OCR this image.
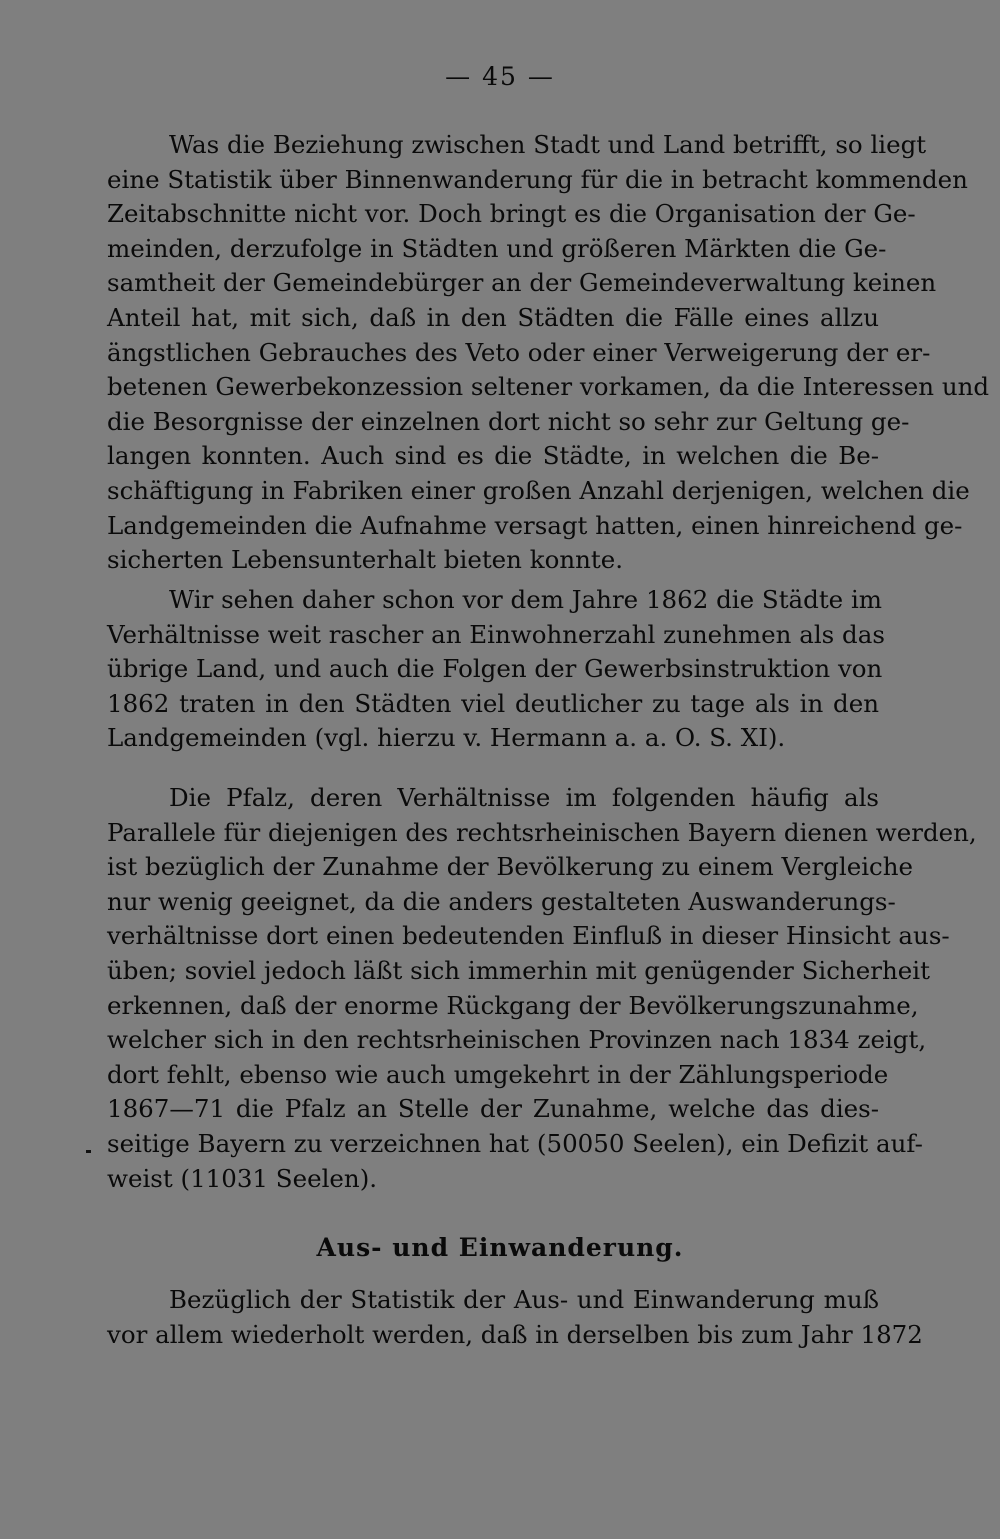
— 45 —
Was die Beziehung zwischen Stadt und Land betrifft, so liegt
eine Statistik über Binnenwanderung für die in betracht kommenden
Zeitabschnitte nicht vor. Doch bringt es die Organisation der Ge-
meinden, derzufolge in Städten und größeren Märkten die Ge-
samtheit der Gemeindebürger an der Gemeindeverwaltung keinen
Anteil hat, mit sich, daß in den Städten die Fälle eines allzu
ängstlichen Gebrauches des Veto oder einer Verweigerung der er-
betenen Gewerbekonzession seltener vorkamen, da die Interessen und
die Besorgnisse der einzelnen dort nicht so sehr zur Geltung ge-
langen konnten. Auch sind es die Städte, in welchen die Be-
schäftigung in Fabriken einer großen Anzahl derjenigen, welchen die
Landgemeinden die Aufnahme versagt hatten, einen hinreichend ge-
sicherten Lebensunterhalt bieten konnte.
Wir sehen daher schon vor dem Jahre 1862 die Städte im
Verhältnisse weit rascher an Einwohnerzahl zunehmen als das
übrige Land, und auch die Folgen der Gewerbsinstruktion von
1862 traten in den Städten viel deutlicher zu tage als in den
Landgemeinden (vgl. hierzu v. Hermann a. a. O. S. XI).
Die Pfalz, deren Verhältnisse im folgenden häufig als
Parallele für diejenigen des rechtsrheinischen Bayern dienen werden,
ist bezüglich der Zunahme der Bevölkerung zu einem Vergleiche
nur wenig geeignet, da die anders gestalteten Auswanderungs-
verhältnisse dort einen bedeutenden Einfluß in dieser Hinsicht aus-
üben; soviel jedoch läßt sich immerhin mit genügender Sicherheit
erkennen, daß der enorme Rückgang der Bevölkerungszunahme,
welcher sich in den rechtsrheinischen Provinzen nach 1834 zeigt,
dort fehlt, ebenso wie auch umgekehrt in der Zählungsperiode
1867—71 die Pfalz an Stelle der Zunahme, welche das dies-
seitige Bayern zu verzeichnen hat (50050 Seelen), ein Defizit auf-
weist (11031 Seelen).
Aus- und Einwanderung.
Bezüglich der Statistik der Aus- und Einwanderung muß
vor allem wiederholt werden, daß in derselben bis zum Jahr 1872
